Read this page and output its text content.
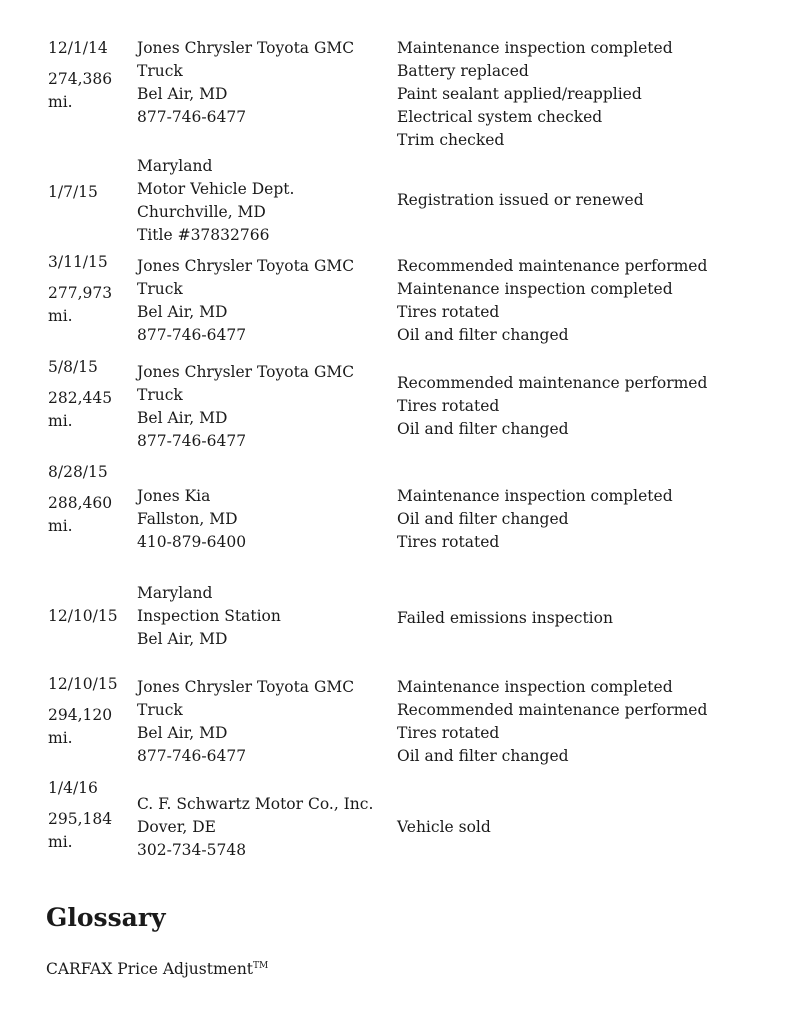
12/1/14
274,386
mi.
Jones Chrysler Toyota GMC
Truck
Bel Air, MD
877-746-6477
Maintenance inspection completed
Battery replaced
Paint sealant applied/reapplied
Electrical system checked
Trim checked
1/7/15
Maryland
Motor Vehicle Dept.
Churchville, MD
Title #37832766
Registration issued or renewed
3/11/15
277,973
mi.
Jones Chrysler Toyota GMC
Truck
Bel Air, MD
877-746-6477
Recommended maintenance performed
Maintenance inspection completed
Tires rotated
Oil and filter changed
5/8/15
282,445
mi.
Jones Chrysler Toyota GMC
Truck
Bel Air, MD
877-746-6477
Recommended maintenance performed
Tires rotated
Oil and filter changed
8/28/15
288,460
mi.
Jones Kia
Fallston, MD
410-879-6400
Maintenance inspection completed
Oil and filter changed
Tires rotated
12/10/15
Maryland
Inspection Station
Bel Air, MD
Failed emissions inspection
12/10/15
294,120
mi.
Jones Chrysler Toyota GMC
Truck
Bel Air, MD
877-746-6477
Maintenance inspection completed
Recommended maintenance performed
Tires rotated
Oil and filter changed
1/4/16
295,184
mi.
C. F. Schwartz Motor Co., Inc.
Dover, DE
302-734-5748
Vehicle sold
Glossary
CARFAX Price Adjustment™
